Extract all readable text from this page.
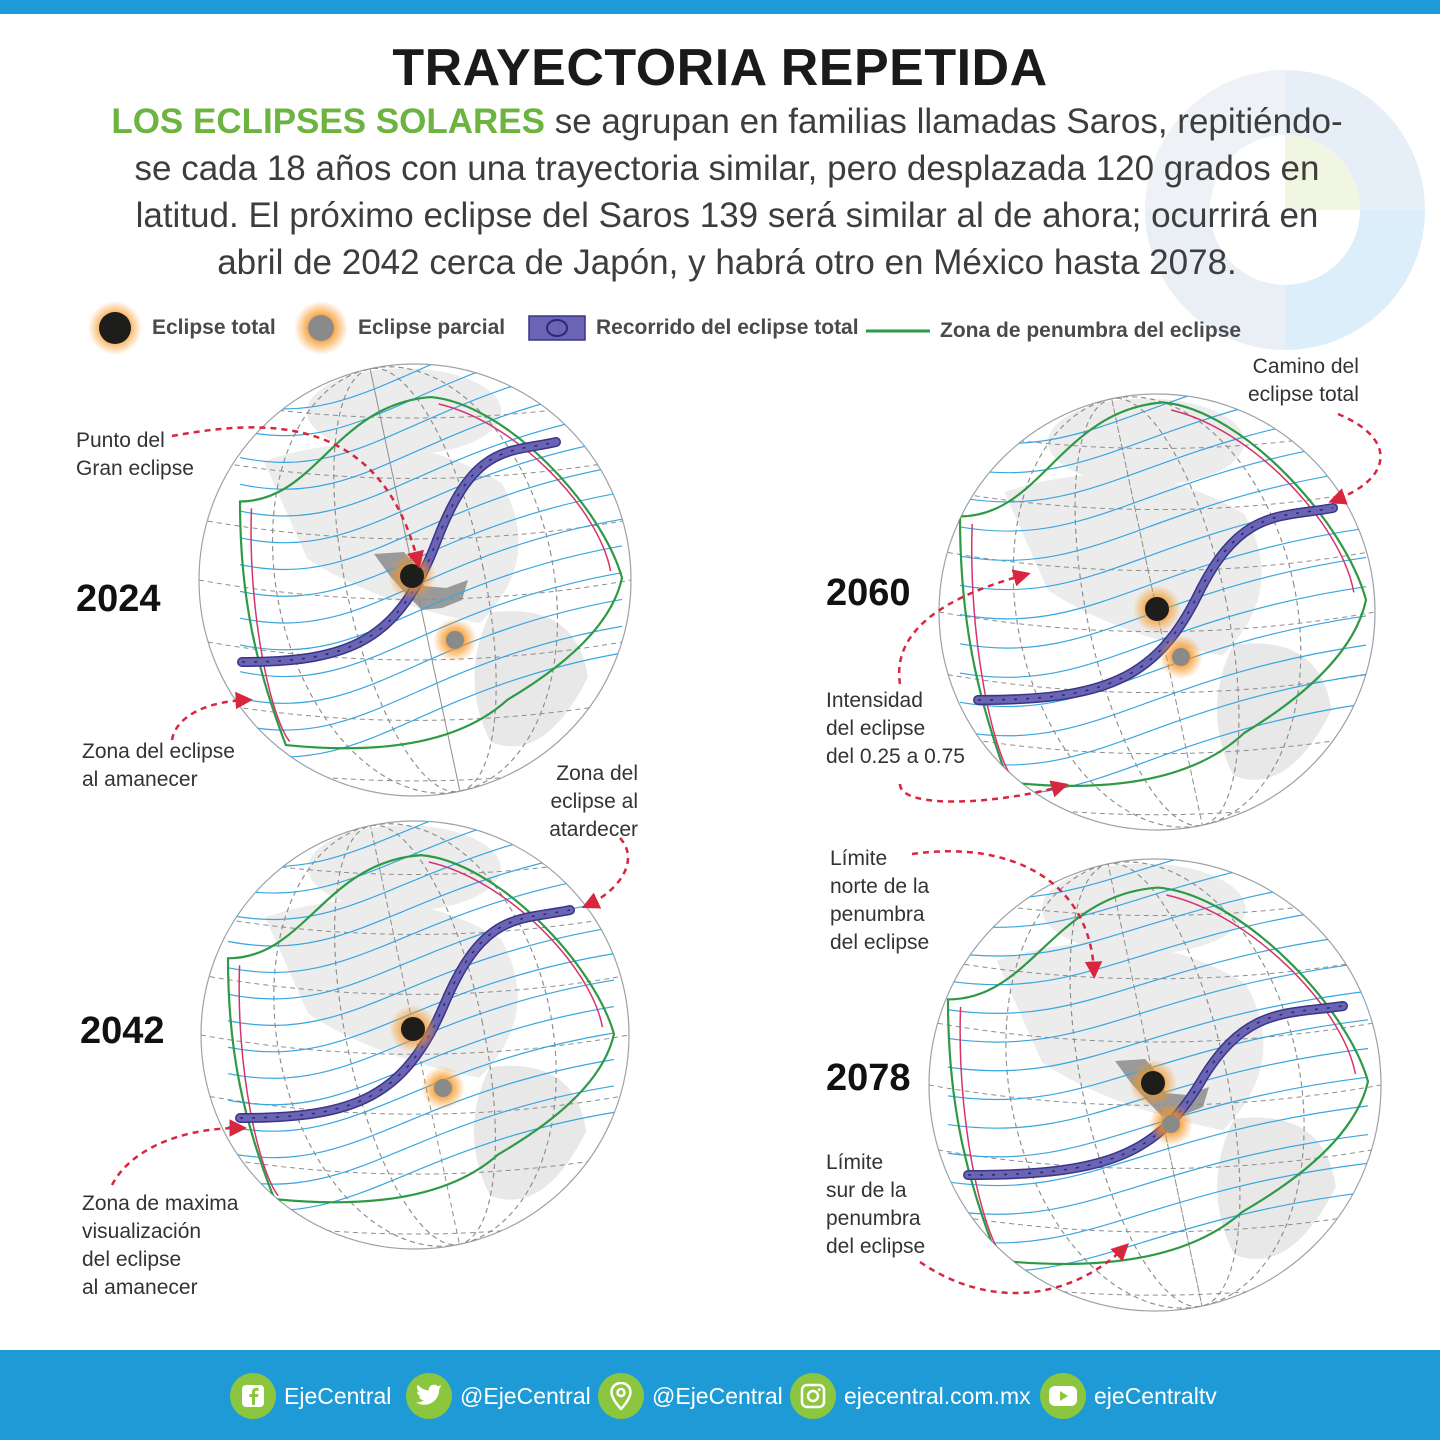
TRAYECTORIA REPETIDA
LOS ECLIPSES SOLARES se agrupan en familias llamadas Saros, repitiéndo-
se cada 18 años con una trayectoria similar, pero desplazada 120 grados en
latitud. El próximo eclipse del Saros 139 será similar al de ahora; ocurrirá en
abril de 2042 cerca de Japón, y habrá otro en México hasta 2078.
Eclipse total	Eclipse parcial	Recorrido del eclipse total	Zona de penumbra del eclipse
2024	2060
2042
2078
Punto del
Gran eclipse
Zona del eclipse
al amanecer
Camino del
eclipse total
Intensidad
del eclipse
del 0.25 a 0.75
Zona del
eclipse al
atardecer
Zona de maxima
visualización
del eclipse
al amanecer
Límite
norte de la
penumbra
del eclipse
Límite
sur de la
penumbra
del eclipse
EjeCentral	@EjeCentral	@EjeCentral	ejecentral.com.mx	ejeCentraltv
